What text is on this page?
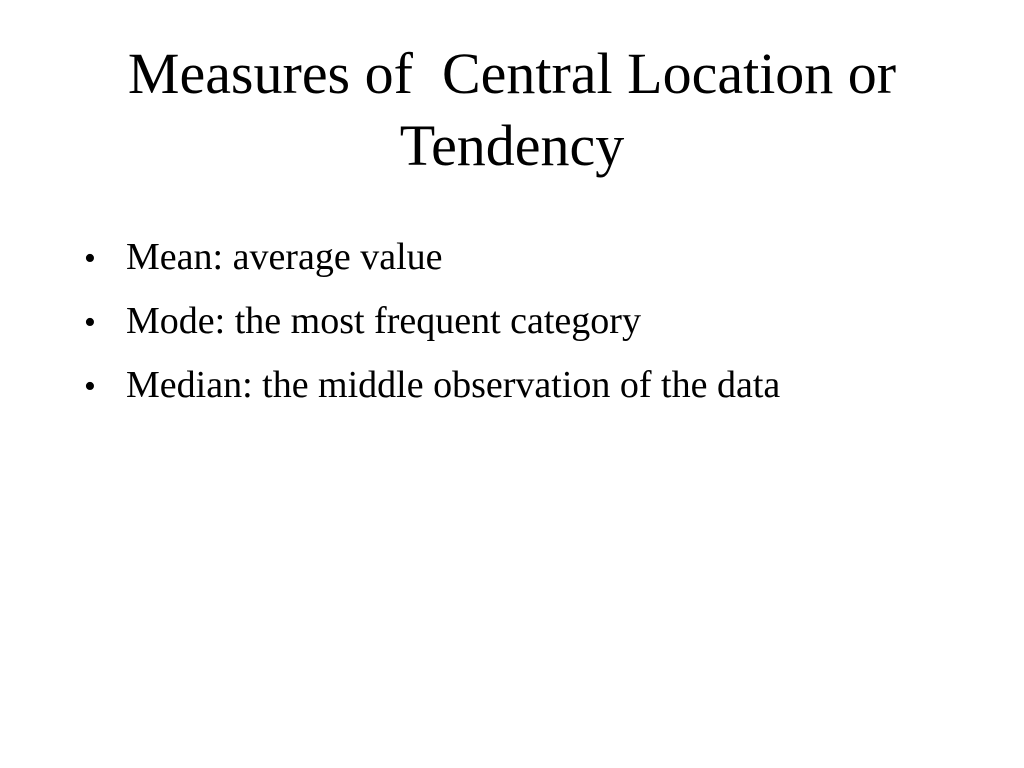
Measures of  Central Location or Tendency
• Mean: average value
• Mode: the most frequent category
• Median: the middle observation of the data
